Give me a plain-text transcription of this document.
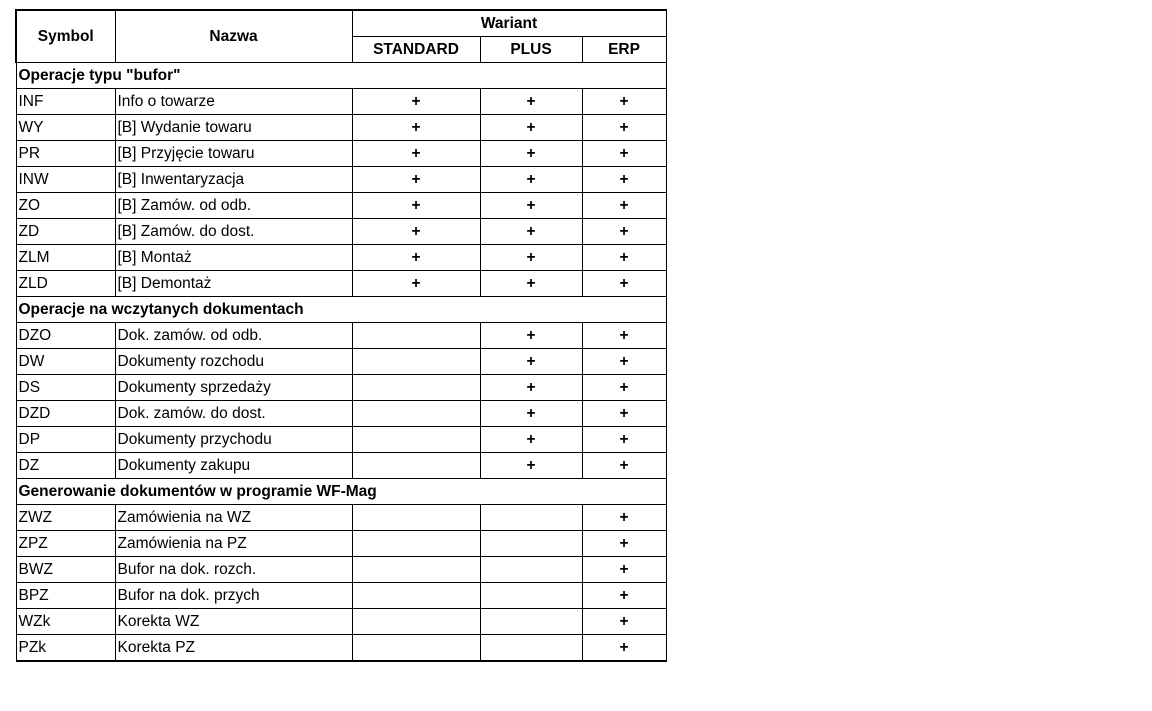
Symbol	Nazwa	Wariant		
		STANDARD	PLUS	ERP
Operacje typu "bufor"				
INF	Info o towarze	+	+	+
WY	[B] Wydanie towaru	+	+	+
PR	[B] Przyjęcie towaru	+	+	+
INW	[B] Inwentaryzacja	+	+	+
ZO	[B] Zamów. od odb.	+	+	+
ZD	[B] Zamów. do dost.	+	+	+
ZLM	[B] Montaż	+	+	+
ZLD	[B] Demontaż	+	+	+
Operacje na wczytanych dokumentach				
DZO	Dok. zamów. od odb.		+	+
DW	Dokumenty rozchodu		+	+
DS	Dokumenty sprzedaży		+	+
DZD	Dok. zamów. do dost.		+	+
DP	Dokumenty przychodu		+	+
DZ	Dokumenty zakupu		+	+
Generowanie dokumentów w programie WF-Mag				
ZWZ	Zamówienia na WZ			+
ZPZ	Zamówienia na PZ			+
BWZ	Bufor na dok. rozch.			+
BPZ	Bufor na dok. przych			+
WZk	Korekta WZ			+
PZk	Korekta PZ			+
